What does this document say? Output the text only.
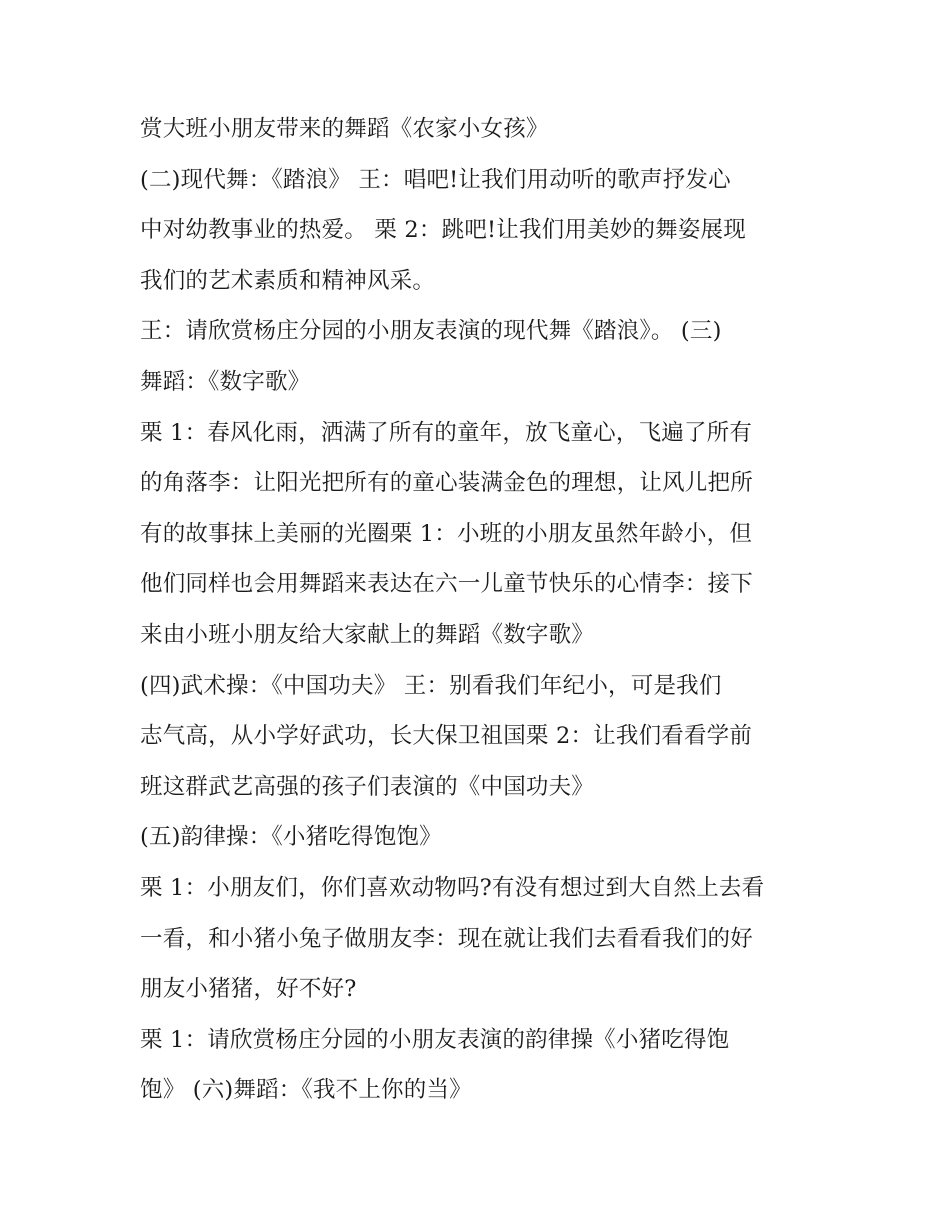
赏大班小朋友带来的舞蹈《农家小女孩》
(二)现代舞：《踏浪》 王：唱吧!让我们用动听的歌声抒发心
中对幼教事业的热爱。 栗 2：跳吧!让我们用美妙的舞姿展现
我们的艺术素质和精神风采。
王：请欣赏杨庄分园的小朋友表演的现代舞《踏浪》。 (三)
舞蹈：《数字歌》
栗 1：春风化雨，洒满了所有的童年，放飞童心，飞遍了所有
的角落李：让阳光把所有的童心装满金色的理想，让风儿把所
有的故事抹上美丽的光圈栗 1：小班的小朋友虽然年龄小，但
他们同样也会用舞蹈来表达在六一儿童节快乐的心情李：接下
来由小班小朋友给大家献上的舞蹈《数字歌》
(四)武术操：《中国功夫》 王：别看我们年纪小，可是我们
志气高，从小学好武功，长大保卫祖国栗 2：让我们看看学前
班这群武艺高强的孩子们表演的《中国功夫》
(五)韵律操：《小猪吃得饱饱》
栗 1：小朋友们，你们喜欢动物吗?有没有想过到大自然上去看
一看，和小猪小兔子做朋友李：现在就让我们去看看我们的好
朋友小猪猪，好不好?
栗 1：请欣赏杨庄分园的小朋友表演的韵律操《小猪吃得饱
饱》 (六)舞蹈：《我不上你的当》
